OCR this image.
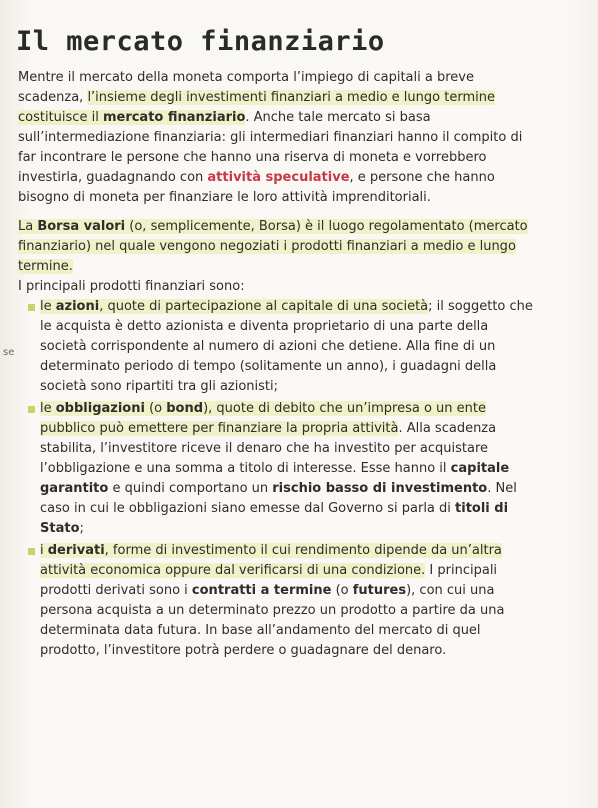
se
Il mercato finanziario

Mentre il mercato della moneta comporta l’impiego di capitali a breve scadenza, l’insieme degli investimenti finanziari a medio e lungo termine costituisce il mercato finanziario. Anche tale mercato si basa sull’intermediazione finanziaria: gli intermediari finanziari hanno il compito di far incontrare le persone che hanno una riserva di moneta e vorrebbero investirla, guadagnando con attività speculative, e persone che hanno bisogno di moneta per finanziare le loro attività imprenditoriali.

La Borsa valori (o, semplicemente, Borsa) è il luogo regolamentato (mercato finanziario) nel quale vengono negoziati i prodotti finanziari a medio e lungo termine.
I principali prodotti finanziari sono:

le azioni, quote di partecipazione al capitale di una società; il soggetto che le acquista è detto azionista e diventa proprietario di una parte della società corrispondente al numero di azioni che detiene. Alla fine di un determinato periodo di tempo (solitamente un anno), i guadagni della società sono ripartiti tra gli azionisti;
le obbligazioni (o bond), quote di debito che un’impresa o un ente pubblico può emettere per finanziare la propria attività. Alla scadenza stabilita, l’investitore riceve il denaro che ha investito per acquistare l’obbligazione e una somma a titolo di interesse. Esse hanno il capitale garantito e quindi comportano un rischio basso di investimento. Nel caso in cui le obbligazioni siano emesse dal Governo si parla di titoli di Stato;
i derivati, forme di investimento il cui rendimento dipende da un’altra attività economica oppure dal verificarsi di una condizione. I principali prodotti derivati sono i contratti a termine (o futures), con cui una persona acquista a un determinato prezzo un prodotto a partire da una determinata data futura. In base all’andamento del mercato di quel prodotto, l’investitore potrà perdere o guadagnare del denaro.
